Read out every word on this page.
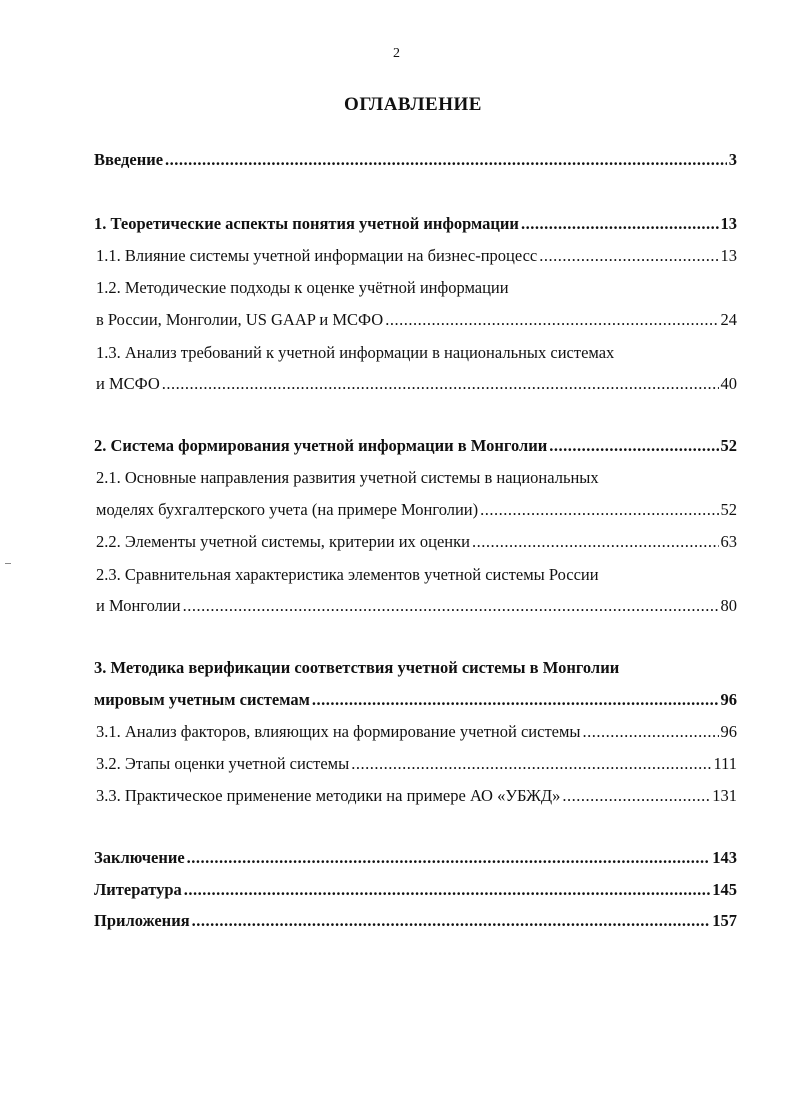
2
ОГЛАВЛЕНИЕ
Введение .....	3
1. Теоретические аспекты понятия учетной информации .....	13
1.1. Влияние системы учетной информации на бизнес-процесс .....	13
1.2. Методические подходы к оценке учётной информации
в России, Монголии, US GAAP и МСФО .....	24
1.3. Анализ требований к учетной информации в национальных системах
и МСФО .....	40
2. Система формирования учетной информации в Монголии .....	52
2.1. Основные направления развития учетной системы в национальных
моделях бухгалтерского учета (на примере Монголии) .....	52
2.2. Элементы учетной системы, критерии их оценки .....	63
2.3. Сравнительная характеристика элементов учетной системы России
и Монголии .....	80
3. Методика верификации соответствия учетной системы в Монголии
мировым учетным системам .....	96
3.1. Анализ факторов, влияющих на формирование учетной системы .....	96
3.2. Этапы оценки учетной системы .....	111
3.3. Практическое применение методики на примере АО «УБЖД» .....	131
Заключение .....	143
Литература .....	145
Приложения .....	157
